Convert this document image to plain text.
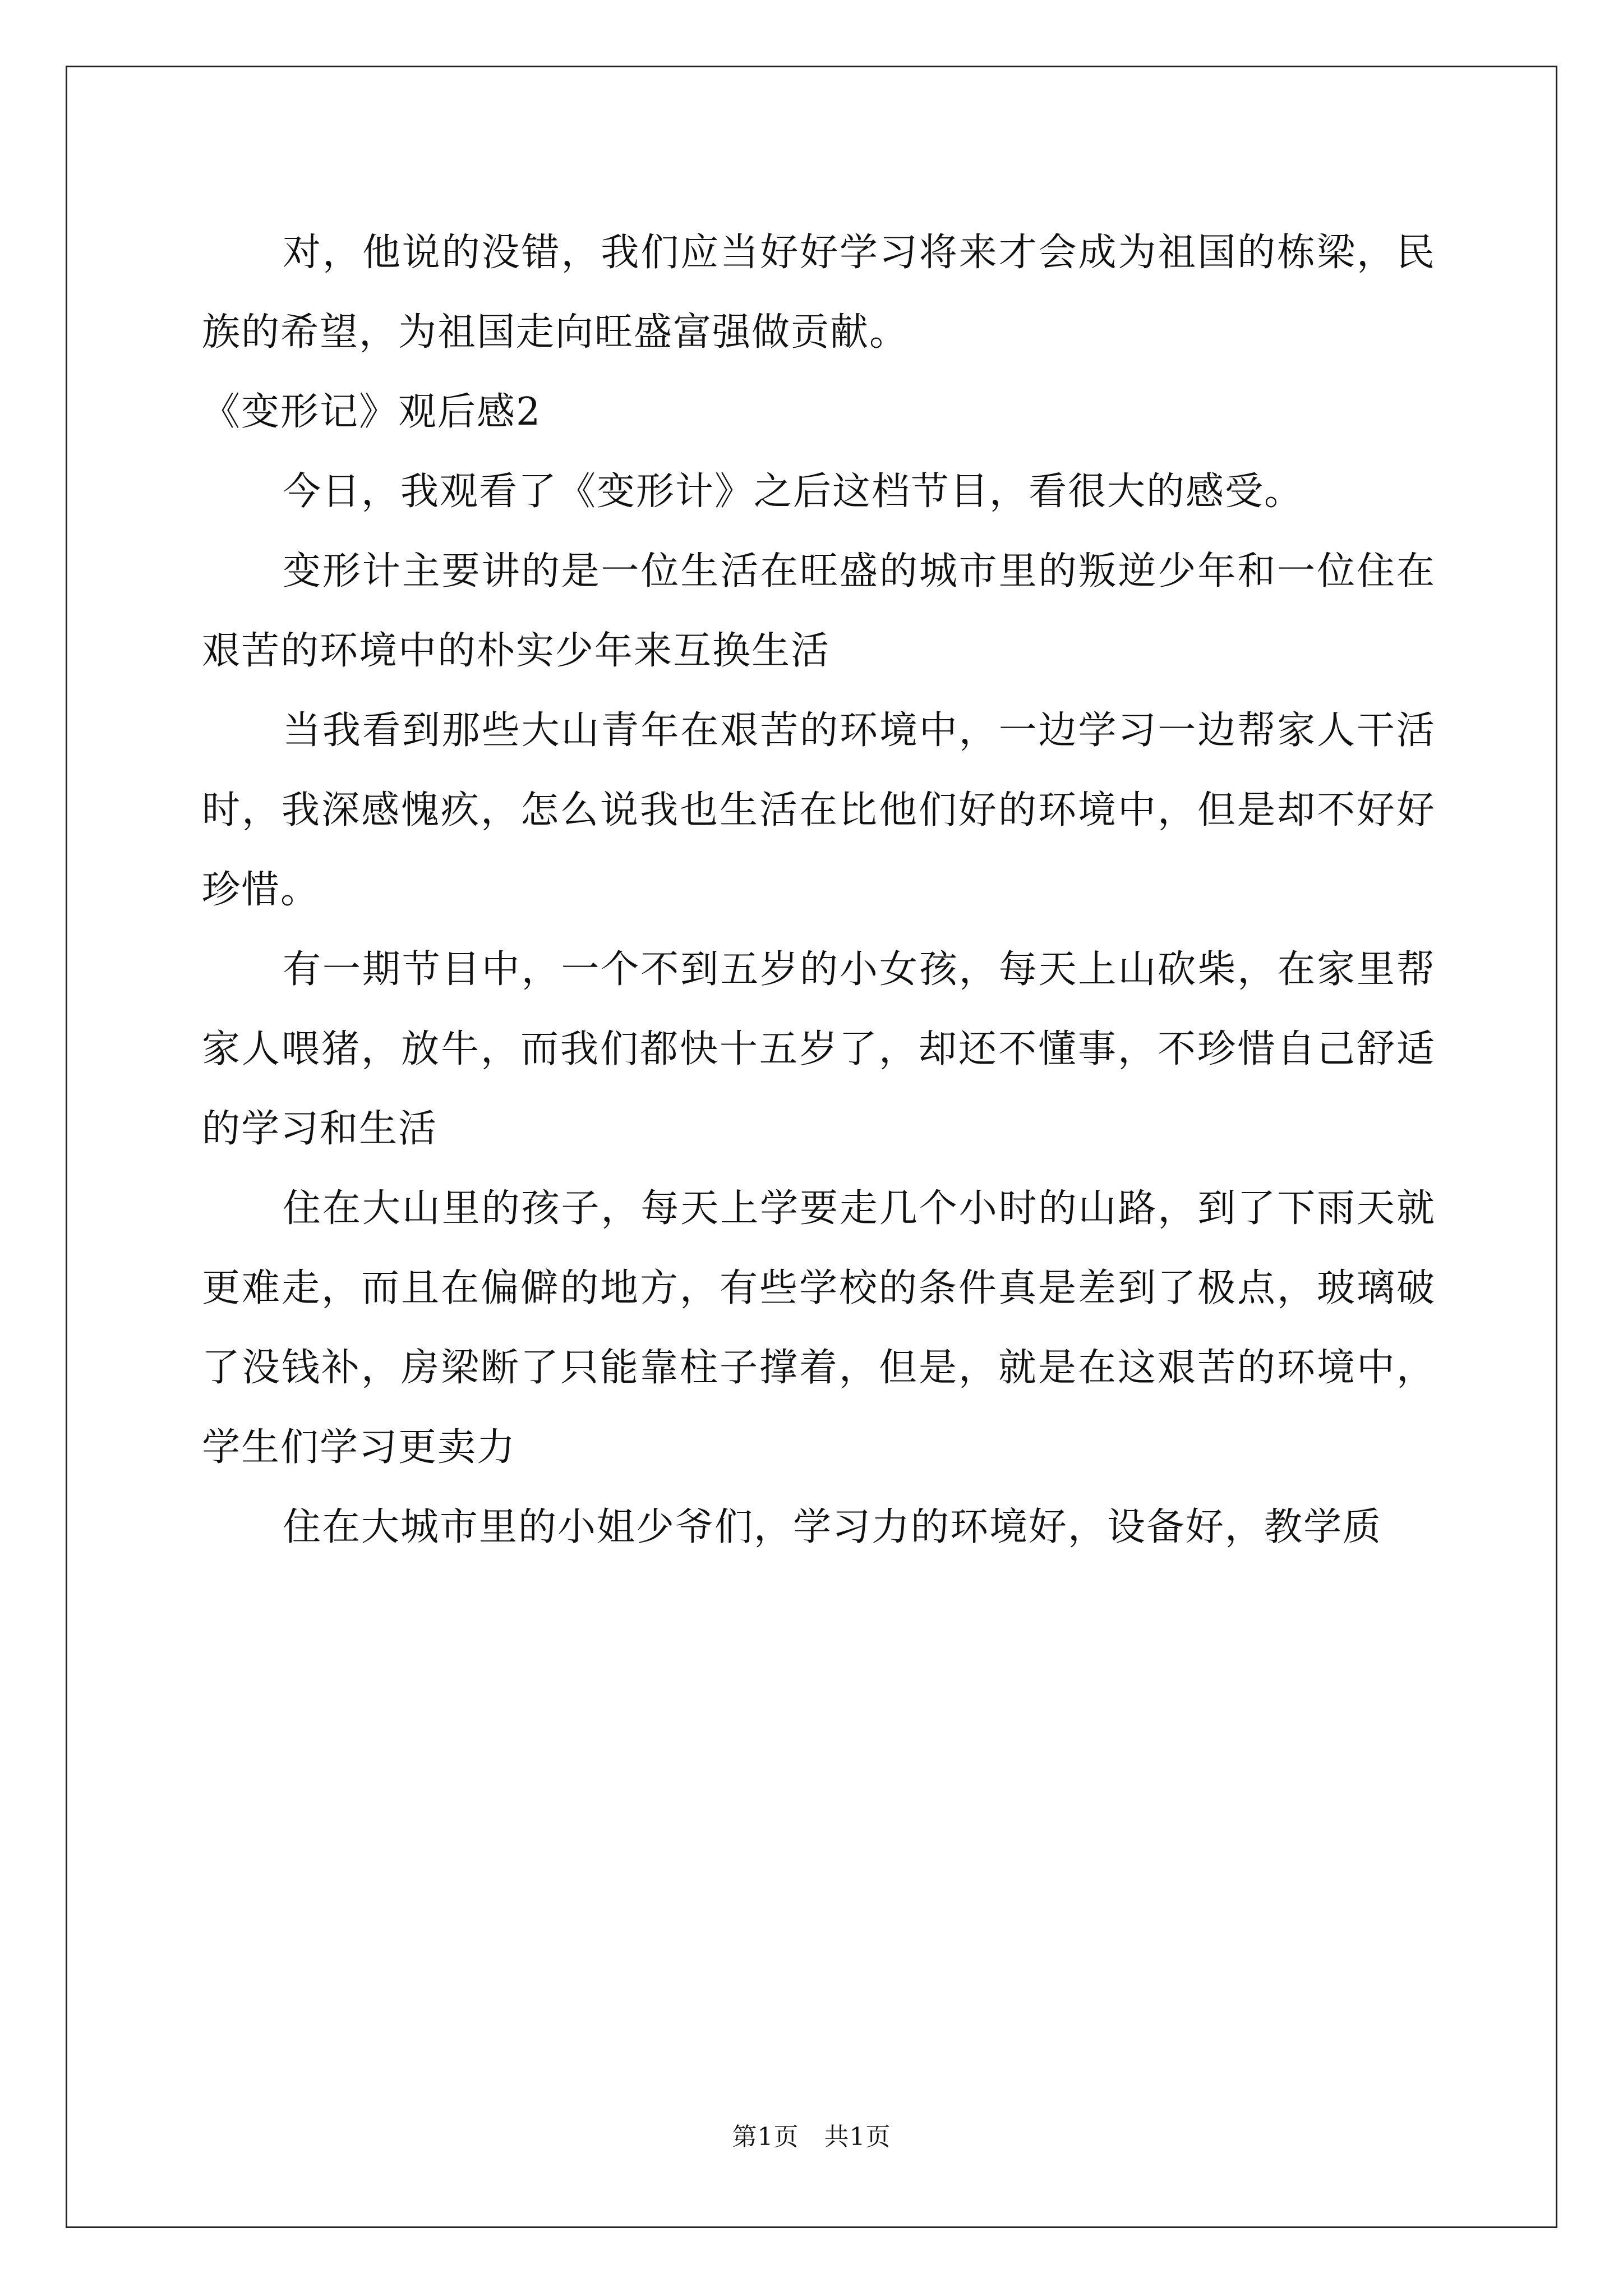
对，他说的没错，我们应当好好学习将来才会成为祖国的栋梁，民族的希望，为祖国走向旺盛富强做贡献。

《变形记》观后感2

今日，我观看了《变形计》之后这档节目，看很大的感受。

变形计主要讲的是一位生活在旺盛的城市里的叛逆少年和一位住在艰苦的环境中的朴实少年来互换生活

当我看到那些大山青年在艰苦的环境中，一边学习一边帮家人干活时，我深感愧疚，怎么说我也生活在比他们好的环境中，但是却不好好珍惜。

有一期节目中，一个不到五岁的小女孩，每天上山砍柴，在家里帮家人喂猪，放牛，而我们都快十五岁了，却还不懂事，不珍惜自己舒适的学习和生活

住在大山里的孩子，每天上学要走几个小时的山路，到了下雨天就更难走，而且在偏僻的地方，有些学校的条件真是差到了极点，玻璃破了没钱补，房梁断了只能靠柱子撑着，但是，就是在这艰苦的环境中，学生们学习更卖力

住在大城市里的小姐少爷们，学习力的环境好，设备好，教学质

第1页　共1页
